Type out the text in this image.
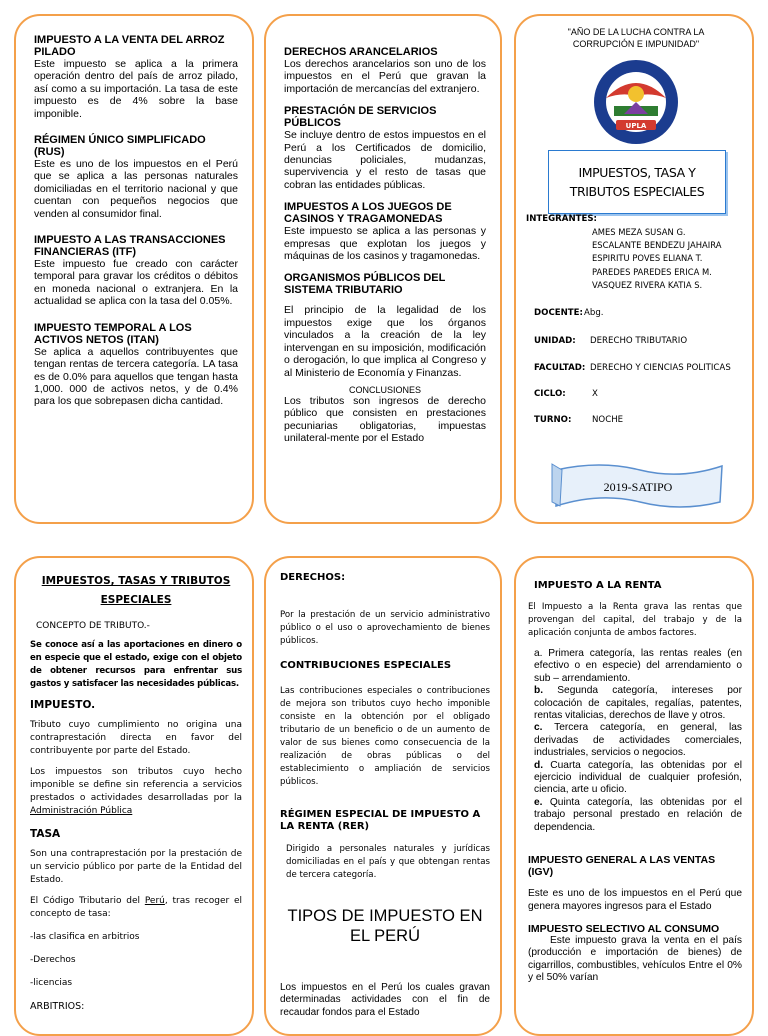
IMPUESTO A LA VENTA DEL ARROZ PILADO

Este impuesto se aplica a la primera operación dentro del país de arroz pilado, así como a su importación. La tasa de este impuesto es de 4% sobre la base imponible.

RÉGIMEN ÚNICO SIMPLIFICADO (RUS)

Este es uno de los impuestos en el Perú que se aplica a las personas naturales domiciliadas en el territorio nacional y que cuentan con pequeños negocios que venden al consumidor final.

IMPUESTO A LAS TRANSACCIONES FINANCIERAS (ITF)

Este impuesto fue creado con carácter temporal para gravar los créditos o débitos en moneda nacional o extranjera. En la actualidad se aplica con la tasa del 0.05%.

IMPUESTO TEMPORAL A LOS ACTIVOS NETOS (ITAN)

Se aplica a aquellos contribuyentes que tengan rentas de tercera categoría. LA tasa es de 0.0% para aquellos que tengan hasta 1,000. 000 de activos netos, y de 0.4% para los que sobrepasen dicha cantidad.

DERECHOS ARANCELARIOS

Los derechos arancelarios son uno de los impuestos en el Perú que gravan la importación de mercancías del extranjero.

PRESTACIÓN DE SERVICIOS PÚBLICOS

Se incluye dentro de estos impuestos en el Perú a los Certificados de domicilio, denuncias policiales, mudanzas, supervivencia y el resto de tasas que cobran las entidades públicas.

IMPUESTOS A LOS JUEGOS DE CASINOS Y TRAGAMONEDAS

Este impuesto se aplica a las personas y empresas que explotan los juegos y máquinas de los casinos y tragamonedas.

ORGANISMOS PÚBLICOS DEL SISTEMA TRIBUTARIO

El principio de la legalidad de los impuestos exige que los órganos vinculados a la creación de la ley intervengan en su imposición, modificación o derogación, lo que implica al Congreso y al Ministerio de Economía y Finanzas.

CONCLUSIONES

Los tributos son ingresos de derecho público que consisten en prestaciones pecuniarias obligatorias, impuestas unilateral-mente por el Estado

"AÑO DE LA LUCHA CONTRA LA CORRUPCIÓN E IMPUNIDAD"

UPLA

IMPUESTOS, TASA Y TRIBUTOS ESPECIALES

INTEGRANTES:

AMES MEZA SUSAN G.
ESCALANTE BENDEZU JAHAIRA
ESPIRITU POVES ELIANA T.
PAREDES PAREDES ERICA M.
VASQUEZ RIVERA KATIA S.

DOCENTE: Abg.

UNIDAD: DERECHO TRIBUTARIO

FACULTAD: DERECHO Y CIENCIAS POLITICAS

CICLO:	X

TURNO: NOCHE

2019-SATIPO

IMPUESTOS, TASAS Y TRIBUTOS ESPECIALES

CONCEPTO DE TRIBUTO.-

Se conoce así a las aportaciones en dinero o en especie que el estado, exige con el objeto de obtener recursos para enfrentar sus gastos y satisfacer las necesidades públicas.

IMPUESTO.

Tributo cuyo cumplimiento no origina una contraprestación directa en favor del contribuyente por parte del Estado.

Los impuestos son tributos cuyo hecho imponible se define sin referencia a servicios prestados o actividades desarrolladas por la Administración Pública

TASA

Son una contraprestación por la prestación de un servicio público por parte de la Entidad del Estado.

El Código Tributario del Perú, tras recoger el concepto de tasa:

-las clasifica en arbitrios

-Derechos

-licencias

ARBITRIOS:

DERECHOS:

Por la prestación de un servicio administrativo público o el uso o aprovechamiento de bienes públicos.

CONTRIBUCIONES ESPECIALES

Las contribuciones especiales o contribuciones de mejora son tributos cuyo hecho imponible consiste en la obtención por el obligado tributario de un beneficio o de un aumento de valor de sus bienes como consecuencia de la realización de obras públicas o del establecimiento o ampliación de servicios públicos.

RÉGIMEN ESPECIAL DE IMPUESTO A LA RENTA (RER)

Dirigido a personales naturales y jurídicas domiciliadas en el país y que obtengan rentas de tercera categoría.

TIPOS DE IMPUESTO EN EL PERÚ

Los impuestos en el Perú los cuales gravan determinadas actividades con el fin de recaudar fondos para el Estado

IMPUESTO A LA RENTA

El Impuesto a la Renta grava las rentas que provengan del capital, del trabajo y de la aplicación conjunta de ambos factores.

a. Primera categoría, las rentas reales (en efectivo o en especie) del arrendamiento o sub – arrendamiento.

b. Segunda categoría, intereses por colocación de capitales, regalías, patentes, rentas vitalicias, derechos de llave y otros.

c. Tercera categoría, en general, las derivadas de actividades comerciales, industriales, servicios o negocios.

d. Cuarta categoría, las obtenidas por el ejercicio individual de cualquier profesión, ciencia, arte u oficio.

e. Quinta categoría, las obtenidas por el trabajo personal prestado en relación de dependencia.

IMPUESTO GENERAL A LAS VENTAS (IGV)

Este es uno de los impuestos en el Perú que genera mayores ingresos para el Estado

IMPUESTO SELECTIVO AL CONSUMO

Este impuesto grava la venta en el país (producción e importación de bienes) de cigarrillos, combustibles, vehículos Entre el 0% y el 50% varían
